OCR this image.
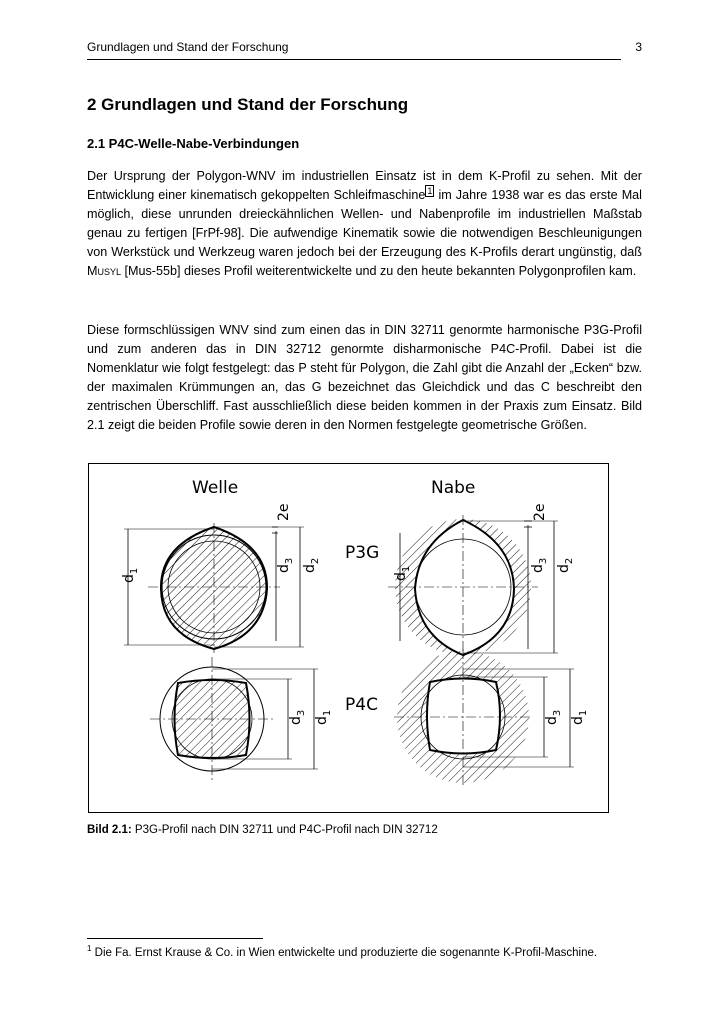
Grundlagen und Stand der Forschung	3
2 Grundlagen und Stand der Forschung
2.1 P4C-Welle-Nabe-Verbindungen
Der Ursprung der Polygon-WNV im industriellen Einsatz ist in dem K-Profil zu sehen. Mit der Entwicklung einer kinematisch gekoppelten Schleifmaschine $^1$ im Jahre 1938 war es das erste Mal möglich, diese unrunden dreieckähnlichen Wellen- und Nabenprofile im industriellen Maßstab genau zu fertigen [FrPf-98]. Die aufwendige Kinematik sowie die notwendigen Beschleunigungen von Werkstück und Werkzeug waren jedoch bei der Erzeugung des K-Profils derart ungünstig, daß Musyl [Mus-55b] dieses Profil weiterentwickelte und zu den heute bekannten Polygonprofilen kam.
Diese formschlüssigen WNV sind zum einen das in DIN 32711 genormte harmonische P3G-Profil und zum anderen das in DIN 32712 genormte disharmonische P4C-Profil. Dabei ist die Nomenklatur wie folgt festgelegt: das P steht für Polygon, die Zahl gibt die Anzahl der „Ecken“ bzw. der maximalen Krümmungen an, das G bezeichnet das Gleichdick und das C beschreibt den zentrischen Überschliff. Fast ausschließlich diese beiden kommen in der Praxis zum Einsatz. Bild 2.1 zeigt die beiden Profile sowie deren in den Normen festgelegte geometrische Größen.
Welle	Nabe
P3G
P4C
$d_1$	$d_3$
$d_2$
2e
$d_1$	$d_3$
$d_2$
2e
$d_3$
$d_1$
$d_3$
$d_1$
Bild 2.1: P3G-Profil nach DIN 32711 und P4C-Profil nach DIN 32712
$^1$ Die Fa. Ernst Krause & Co. in Wien entwickelte und produzierte die sogenannte K-Profil-Maschine.
